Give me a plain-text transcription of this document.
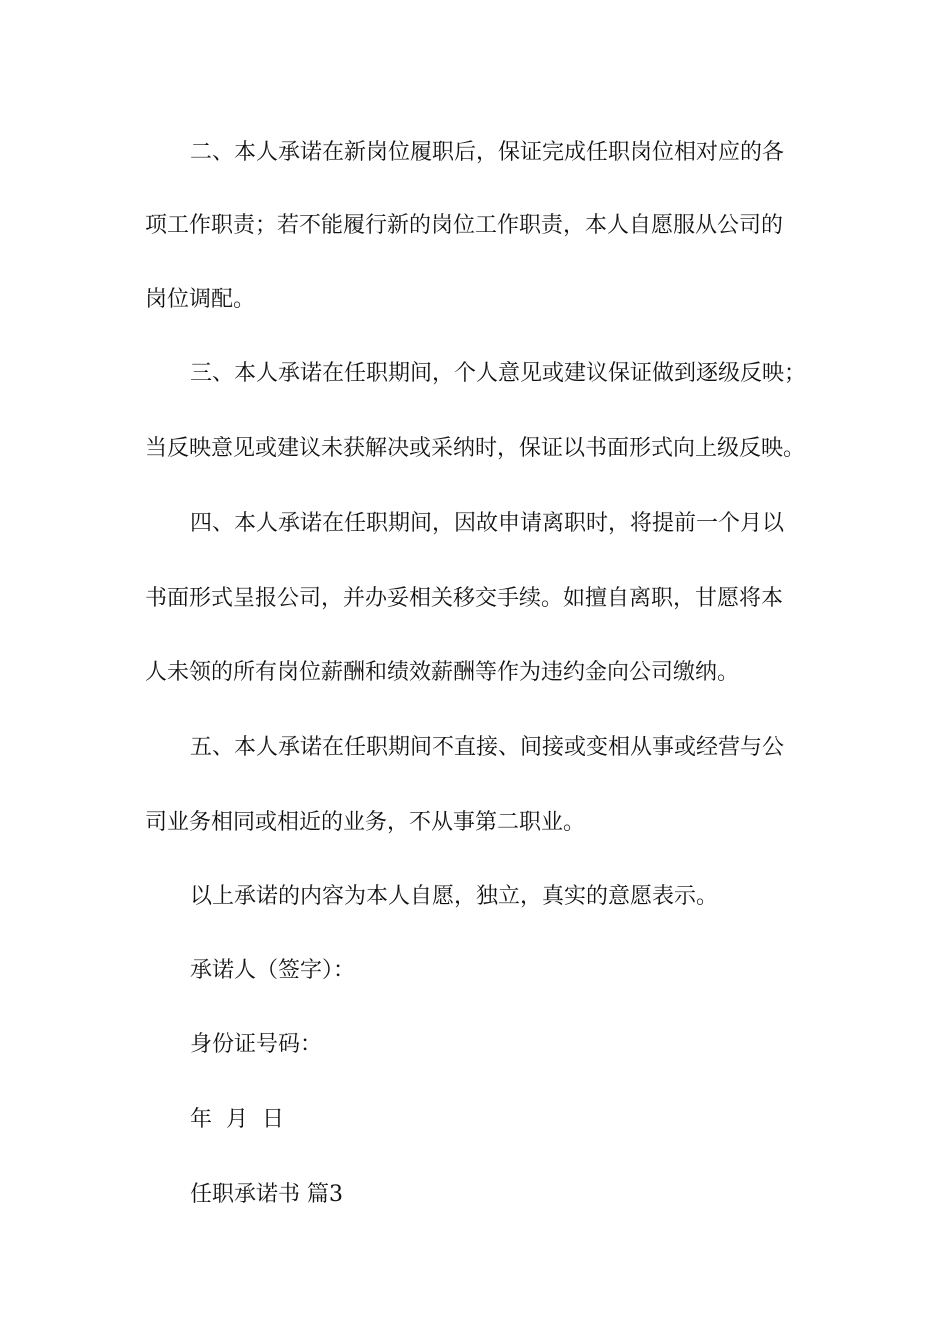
二、本人承诺在新岗位履职后，保证完成任职岗位相对应的各
项工作职责；若不能履行新的岗位工作职责，本人自愿服从公司的
岗位调配。
三、本人承诺在任职期间，个人意见或建议保证做到逐级反映；
当反映意见或建议未获解决或采纳时，保证以书面形式向上级反映。
四、本人承诺在任职期间，因故申请离职时，将提前一个月以
书面形式呈报公司，并办妥相关移交手续。如擅自离职，甘愿将本
人未领的所有岗位薪酬和绩效薪酬等作为违约金向公司缴纳。
五、本人承诺在任职期间不直接、间接或变相从事或经营与公
司业务相同或相近的业务，不从事第二职业。
以上承诺的内容为本人自愿，独立，真实的意愿表示。
承诺人（签字）：
身份证号码：
年 月 日
任职承诺书 篇3
